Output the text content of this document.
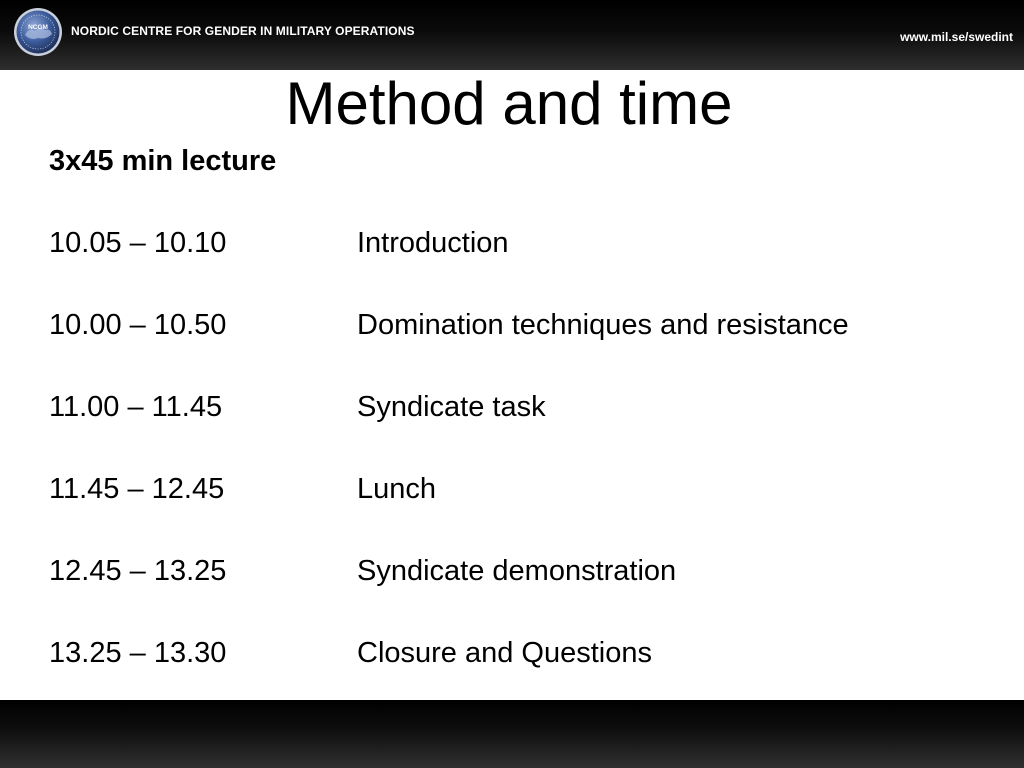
NCGM NORDIC CENTRE FOR GENDER IN MILITARY OPERATIONS	www.mil.se/swedint
Method and time
3x45 min lecture
10.05 – 10.10	Introduction
10.00 – 10.50	Domination techniques and resistance
11.00 – 11.45	Syndicate task
11.45 – 12.45	Lunch
12.45 – 13.25	Syndicate demonstration
13.25 – 13.30	Closure and Questions
